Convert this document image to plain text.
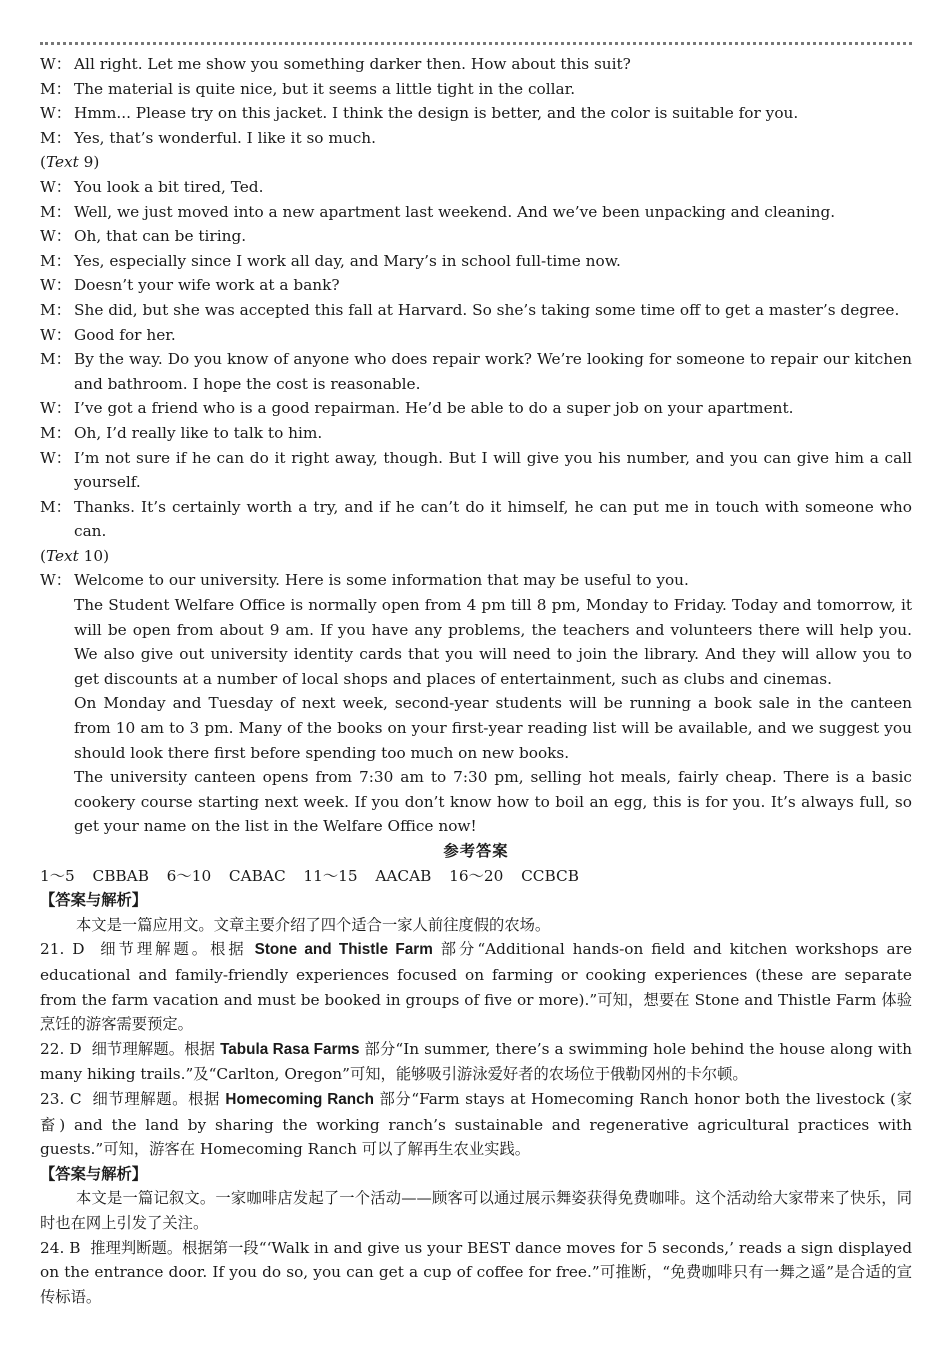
W： All right. Let me show you something darker then. How about this suit?
M： The material is quite nice, but it seems a little tight in the collar.
W： Hmm... Please try on this jacket. I think the design is better, and the color is suitable for you.
M： Yes, that’s wonderful. I like it so much.
(Text 9)
W： You look a bit tired, Ted.
M： Well, we just moved into a new apartment last weekend. And we’ve been unpacking and cleaning.
W： Oh, that can be tiring.
M： Yes, especially since I work all day, and Mary’s in school full-time now.
W： Doesn’t your wife work at a bank?
M： She did, but she was accepted this fall at Harvard. So she’s taking some time off to get a master’s degree.
W： Good for her.
M： By the way. Do you know of anyone who does repair work? We’re looking for someone to repair our kitchen and bathroom. I hope the cost is reasonable.
W： I’ve got a friend who is a good repairman. He’d be able to do a super job on your apartment.
M： Oh, I’d really like to talk to him.
W： I’m not sure if he can do it right away, though. But I will give you his number, and you can give him a call yourself.
M： Thanks. It’s certainly worth a try, and if he can’t do it himself, he can put me in touch with someone who can.
(Text 10)
W： Welcome to our university. Here is some information that may be useful to you.
The Student Welfare Office is normally open from 4 pm till 8 pm, Monday to Friday. Today and tomorrow, it will be open from about 9 am. If you have any problems, the teachers and volunteers there will help you. We also give out university identity cards that you will need to join the library. And they will allow you to get discounts at a number of local shops and places of entertainment, such as clubs and cinemas.
On Monday and Tuesday of next week, second-year students will be running a book sale in the canteen from 10 am to 3 pm. Many of the books on your first-year reading list will be available, and we suggest you should look there first before spending too much on new books.
The university canteen opens from 7:30 am to 7:30 pm, selling hot meals, fairly cheap. There is a basic cookery course starting next week. If you don’t know how to boil an egg, this is for you. It’s always full, so get your name on the list in the Welfare Office now!
参考答案
1～5  CBBAB  6～10  CABAC  11～15  AACAB  16～20  CCBCB
【答案与解析】
本文是一篇应用文。文章主要介绍了四个适合一家人前往度假的农场。
21. D  细节理解题。根据 Stone and Thistle Farm 部分“Additional hands-on field and kitchen workshops are educational and family-friendly experiences focused on farming or cooking experiences (these are separate from the farm vacation and must be booked in groups of five or more).”可知，想要在 Stone and Thistle Farm 体验烹饪的游客需要预定。
22. D  细节理解题。根据 Tabula Rasa Farms 部分“In summer, there’s a swimming hole behind the house along with many hiking trails.”及“Carlton, Oregon”可知，能够吸引游泳爱好者的农场位于俄勒冈州的卡尔顿。
23. C  细节理解题。根据 Homecoming Ranch 部分“Farm stays at Homecoming Ranch honor both the livestock (家畜) and the land by sharing the working ranch’s sustainable and regenerative agricultural practices with guests.”可知，游客在 Homecoming Ranch 可以了解再生农业实践。
【答案与解析】
本文是一篇记叙文。一家咖啡店发起了一个活动——顾客可以通过展示舞姿获得免费咖啡。这个活动给大家带来了快乐，同时也在网上引发了关注。
24. B  推理判断题。根据第一段“‘Walk in and give us your BEST dance moves for 5 seconds,’ reads a sign displayed on the entrance door. If you do so, you can get a cup of coffee for free.”可推断，“免费咖啡只有一舞之遥”是合适的宣传标语。
